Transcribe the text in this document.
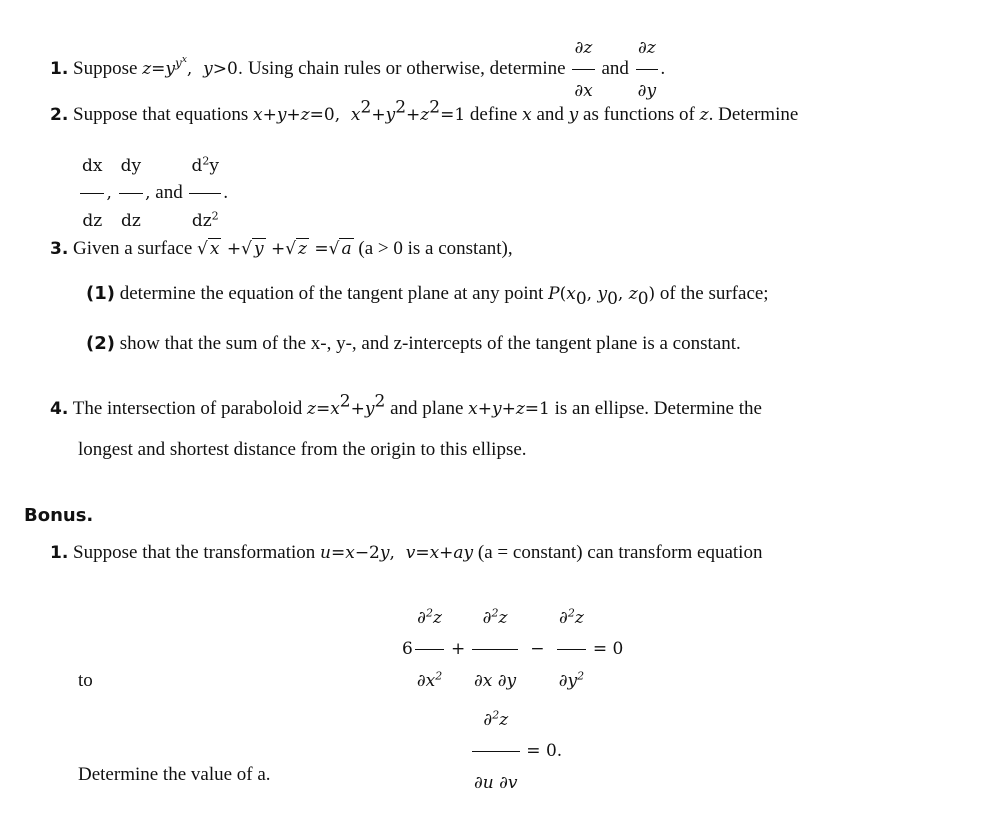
1. Suppose $z=y^{y^x}$,  y>0. Using chain rules or otherwise, determine $\frac{\partial z}{\partial x}$ and $\frac{\partial z}{\partial y}$ .
2. Suppose that equations x+y+z=0,  $x^2+y^2+z^2=1$ define x and y as functions of z. Determine
$\frac{dx}{dz}$ , $\frac{dy}{dz}$ , and $\frac{d^2y}{dz^2}$ .
3. Given a surface √ x +√ y +√ z =√ a (a > 0 is a constant),
(1) determine the equation of the tangent plane at any point $P(x_0$, $y_0$, $z_0$) of the surface;
(2) show that the sum of the x-, y-, and z-intercepts of the tangent plane is a constant.
4. The intersection of paraboloid $z=x^2+y^2$ and plane x+y+z=1 is an ellipse. Determine the
longest and shortest distance from the origin to this ellipse.
Bonus.
1. Suppose that the transformation u=x−2y,  v=x+ay (a = constant) can transform equation
$6 \frac{\partial^2z}{\partial x^2} + \frac{\partial^2z}{\partial x \partial y} - \frac{\partial^2z}{\partial y^2} = 0$
to
$\frac{\partial^2z}{\partial u \partial v} = 0$.
Determine the value of a.
